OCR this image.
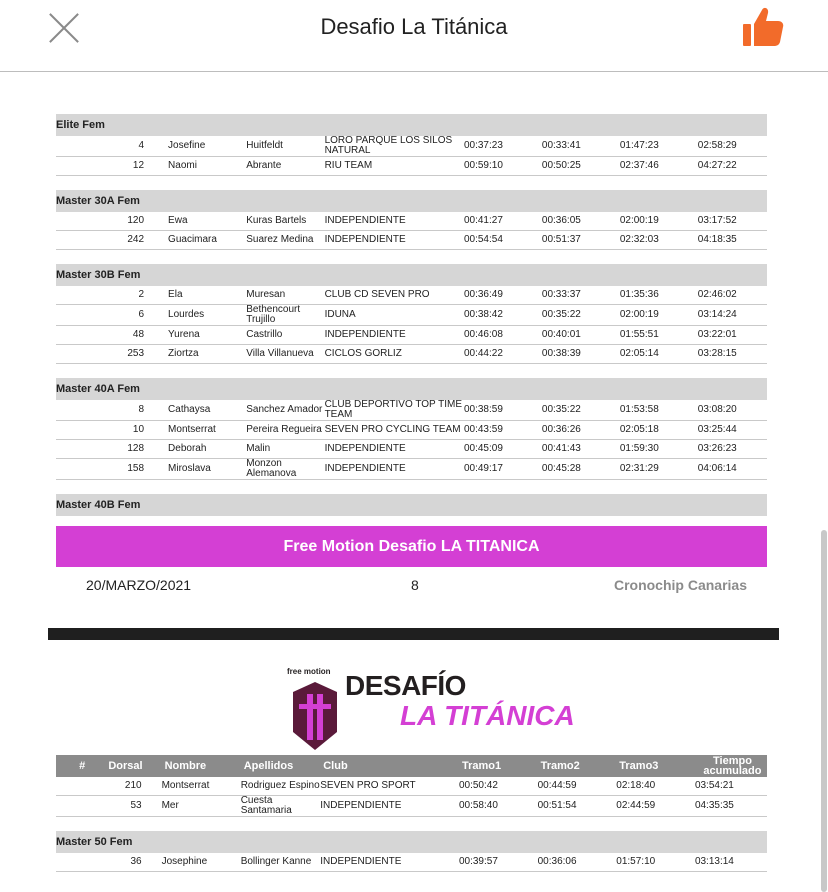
Desafio La Titánica
Elite Fem							
4	Josefine	Huitfeldt	LORO PARQUE LOS SILOS NATURAL	00:37:23	00:33:41	01:47:23	02:58:29
12	Naomi	Abrante	RIU TEAM	00:59:10	00:50:25	02:37:46	04:27:22

Master 30A Fem							
120	Ewa	Kuras Bartels	INDEPENDIENTE	00:41:27	00:36:05	02:00:19	03:17:52
242	Guacimara	Suarez Medina	INDEPENDIENTE	00:54:54	00:51:37	02:32:03	04:18:35

Master 30B Fem							
2	Ela	Muresan	CLUB CD SEVEN PRO	00:36:49	00:33:37	01:35:36	02:46:02
6	Lourdes	Bethencourt Trujillo	IDUNA	00:38:42	00:35:22	02:00:19	03:14:24
48	Yurena	Castrillo	INDEPENDIENTE	00:46:08	00:40:01	01:55:51	03:22:01
253	Ziortza	Villa Villanueva	CICLOS GORLIZ	00:44:22	00:38:39	02:05:14	03:28:15

Master 40A Fem							
8	Cathaysa	Sanchez Amador	CLUB DEPORTIVO TOP TIME TEAM	00:38:59	00:35:22	01:53:58	03:08:20
10	Montserrat	Pereira Regueira	SEVEN PRO CYCLING TEAM	00:43:59	00:36:26	02:05:18	03:25:44
128	Deborah	Malin	INDEPENDIENTE	00:45:09	00:41:43	01:59:30	03:26:23
158	Miroslava	Monzon Alemanova	INDEPENDIENTE	00:49:17	00:45:28	02:31:29	04:06:14

Master 40B Fem							
Free Motion Desafio LA TITANICA
20/MARZO/2021	8	Cronochip Canarias
free motion DESAFÍO
LA TITÁNICA
#	Dorsal	Nombre	Apellidos	Club	Tramo1	Tramo2	Tramo3	Tiempo acumulado
	210	Montserrat	Rodriguez Espino	SEVEN PRO SPORT	00:50:42	00:44:59	02:18:40	03:54:21
	53	Mer	Cuesta Santamaria	INDEPENDIENTE	00:58:40	00:51:54	02:44:59	04:35:35

Master 50 Fem								
	36	Josephine	Bollinger Kanne	INDEPENDIENTE	00:39:57	00:36:06	01:57:10	03:13:14
